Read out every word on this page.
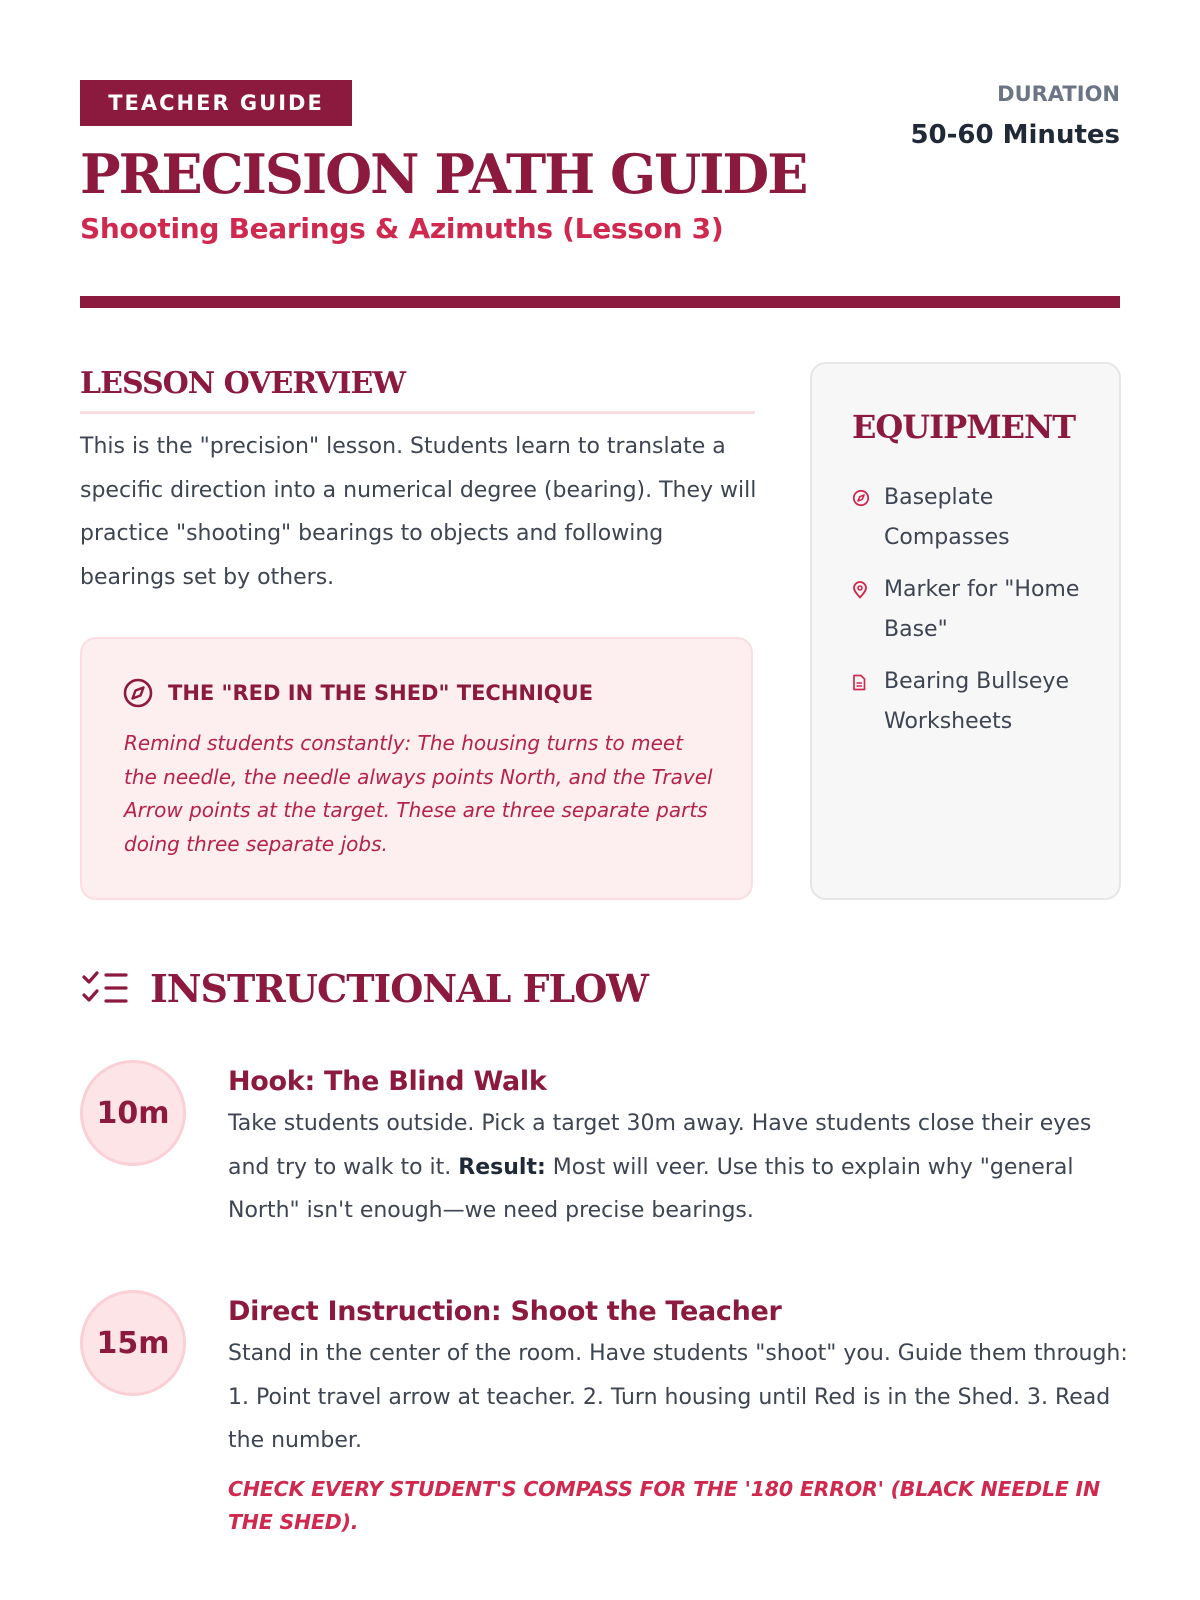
TEACHER GUIDE
PRECISION PATH GUIDE
Shooting Bearings & Azimuths (Lesson 3)
DURATION
50-60 Minutes
LESSON OVERVIEW
This is the "precision" lesson. Students learn to translate a specific direction into a numerical degree (bearing). They will practice "shooting" bearings to objects and following bearings set by others.
THE "RED IN THE SHED" TECHNIQUE
Remind students constantly: The housing turns to meet the needle, the needle always points North, and the Travel Arrow points at the target. These are three separate parts doing three separate jobs.
EQUIPMENT
Baseplate Compasses
Marker for "Home Base"
Bearing Bullseye Worksheets
INSTRUCTIONAL FLOW
10m
Hook: The Blind Walk
Take students outside. Pick a target 30m away. Have students close their eyes and try to walk to it. Result: Most will veer. Use this to explain why "general North" isn't enough—we need precise bearings.
15m
Direct Instruction: Shoot the Teacher
Stand in the center of the room. Have students "shoot" you. Guide them through: 1. Point travel arrow at teacher. 2. Turn housing until Red is in the Shed. 3. Read the number.
CHECK EVERY STUDENT'S COMPASS FOR THE '180 ERROR' (BLACK NEEDLE IN THE SHED).
